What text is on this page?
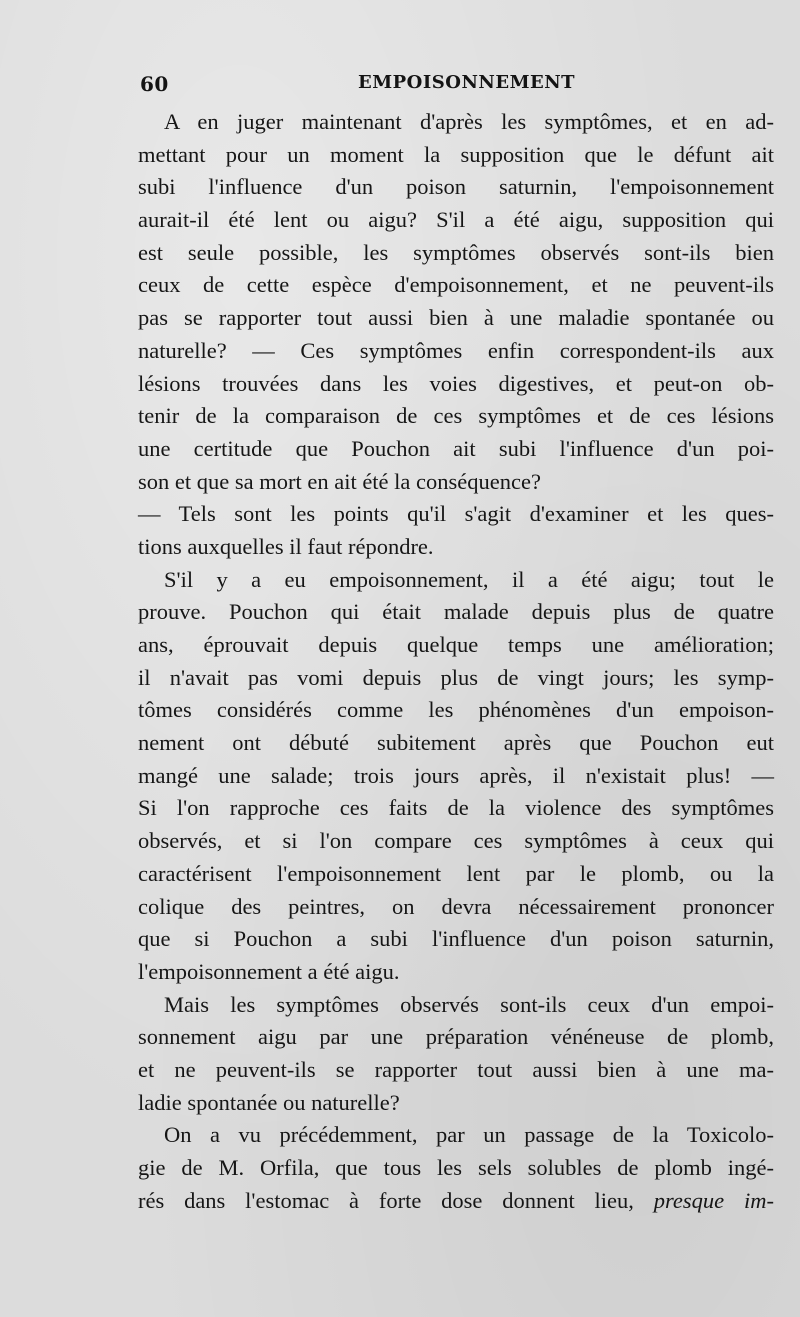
60	EMPOISONNEMENT
A en juger maintenant d'après les symptômes, et en ad-
mettant pour un moment la supposition que le défunt ait
subi l'influence d'un poison saturnin, l'empoisonnement
aurait-il été lent ou aigu? S'il a été aigu, supposition qui
est seule possible, les symptômes observés sont-ils bien
ceux de cette espèce d'empoisonnement, et ne peuvent-ils
pas se rapporter tout aussi bien à une maladie spontanée ou
naturelle? — Ces symptômes enfin correspondent-ils aux
lésions trouvées dans les voies digestives, et peut-on ob-
tenir de la comparaison de ces symptômes et de ces lésions
une certitude que Pouchon ait subi l'influence d'un poi-
son et que sa mort en ait été la conséquence?
— Tels sont les points qu'il s'agit d'examiner et les ques-
tions auxquelles il faut répondre.
S'il y a eu empoisonnement, il a été aigu; tout le
prouve. Pouchon qui était malade depuis plus de quatre
ans, éprouvait depuis quelque temps une amélioration;
il n'avait pas vomi depuis plus de vingt jours; les symp-
tômes considérés comme les phénomènes d'un empoison-
nement ont débuté subitement après que Pouchon eut
mangé une salade; trois jours après, il n'existait plus! —
Si l'on rapproche ces faits de la violence des symptômes
observés, et si l'on compare ces symptômes à ceux qui
caractérisent l'empoisonnement lent par le plomb, ou la
colique des peintres, on devra nécessairement prononcer
que si Pouchon a subi l'influence d'un poison saturnin,
l'empoisonnement a été aigu.
Mais les symptômes observés sont-ils ceux d'un empoi-
sonnement aigu par une préparation vénéneuse de plomb,
et ne peuvent-ils se rapporter tout aussi bien à une ma-
ladie spontanée ou naturelle?
On a vu précédemment, par un passage de la Toxicolo-
gie de M. Orfila, que tous les sels solubles de plomb ingé-
rés dans l'estomac à forte dose donnent lieu, presque im-
